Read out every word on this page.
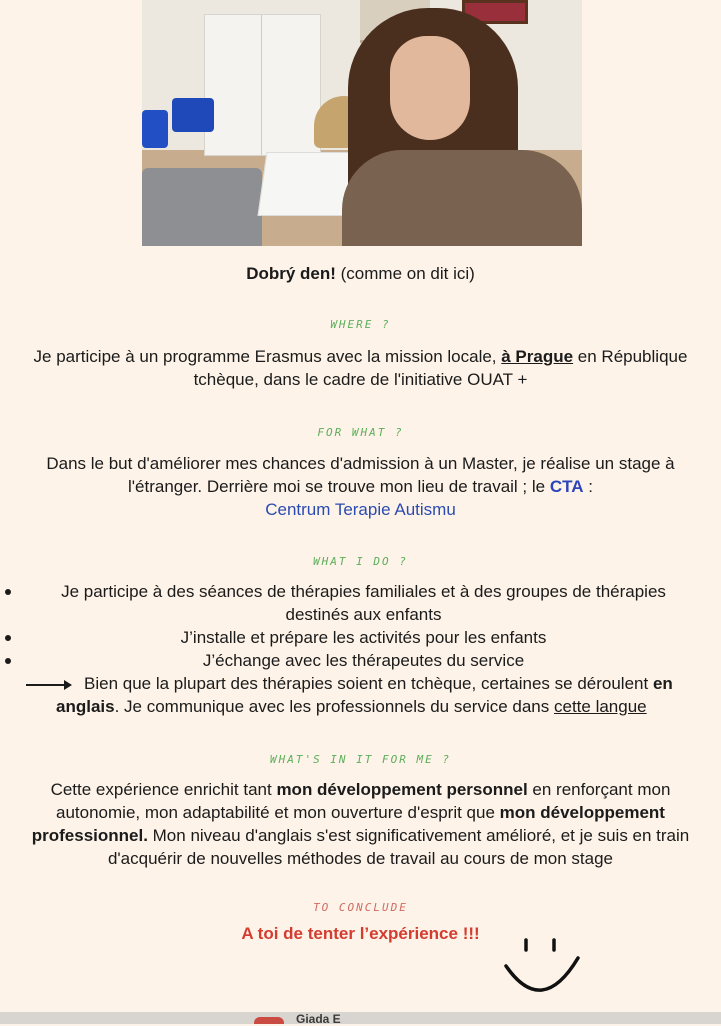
Dobrý den! (comme on dit ici)
WHERE ?
Je participe à un programme Erasmus avec la mission locale, à Prague en République tchèque, dans le cadre de l'initiative OUAT +
FOR WHAT ?
Dans le but d'améliorer mes chances d'admission à un Master, je réalise un stage à l'étranger. Derrière moi se trouve mon lieu de travail ; le CTA :
Centrum Terapie Autismu
WHAT I DO ?
Je participe à des séances de thérapies familiales et à des groupes de thérapies destinés aux enfants
J’installe et prépare les activités pour les enfants
J’échange avec les thérapeutes du service
Bien que la plupart des thérapies soient en tchèque, certaines se déroulent en
anglais. Je communique avec les professionnels du service dans cette langue
WHAT'S IN IT FOR ME ?
Cette expérience enrichit tant mon développement personnel en renforçant mon autonomie, mon adaptabilité et mon ouverture d'esprit que mon développement professionnel. Mon niveau d'anglais s'est significativement amélioré, et je suis en train d'acquérir de nouvelles méthodes de travail au cours de mon stage
TO CONCLUDE
A toi de tenter l’expérience !!!
Giada E
